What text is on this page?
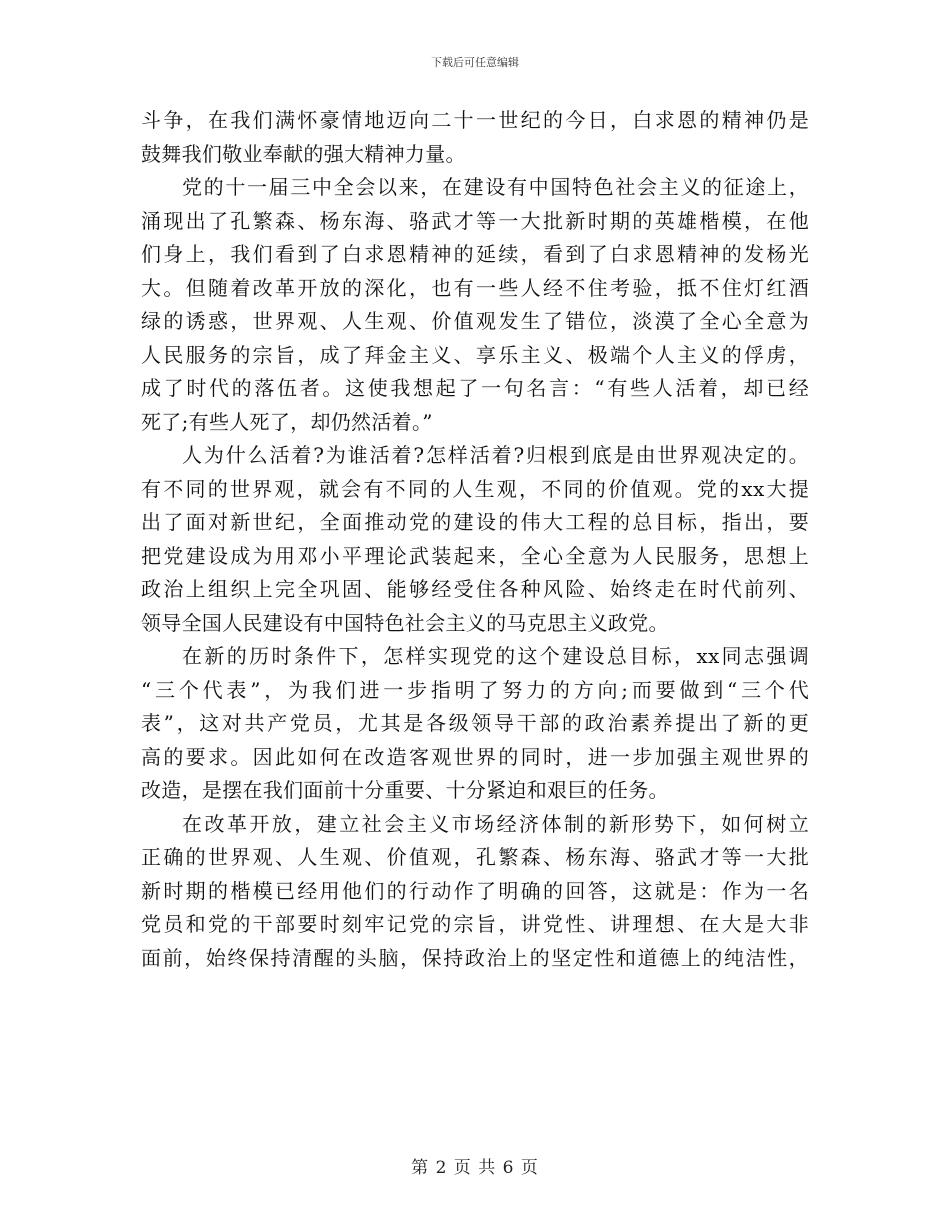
下载后可任意编辑
斗争，在我们满怀豪情地迈向二十一世纪的今日，白求恩的精神仍是
鼓舞我们敬业奉献的强大精神力量。
党的十一届三中全会以来，在建设有中国特色社会主义的征途上，
涌现出了孔繁森、杨东海、骆武才等一大批新时期的英雄楷模，在他
们身上，我们看到了白求恩精神的延续，看到了白求恩精神的发杨光
大。但随着改革开放的深化，也有一些人经不住考验，抵不住灯红酒
绿的诱惑，世界观、人生观、价值观发生了错位，淡漠了全心全意为
人民服务的宗旨，成了拜金主义、享乐主义、极端个人主义的俘虏，
成了时代的落伍者。这使我想起了一句名言：“有些人活着，却已经
死了;有些人死了，却仍然活着。”
人为什么活着?为谁活着?怎样活着?归根到底是由世界观决定的。
有不同的世界观，就会有不同的人生观，不同的价值观。党的xx大提
出了面对新世纪，全面推动党的建设的伟大工程的总目标，指出，要
把党建设成为用邓小平理论武装起来，全心全意为人民服务，思想上
政治上组织上完全巩固、能够经受住各种风险、始终走在时代前列、
领导全国人民建设有中国特色社会主义的马克思主义政党。
在新的历时条件下，怎样实现党的这个建设总目标，xx同志强调
“三个代表”，为我们进一步指明了努力的方向;而要做到“三个代
表”，这对共产党员，尤其是各级领导干部的政治素养提出了新的更
高的要求。因此如何在改造客观世界的同时，进一步加强主观世界的
改造，是摆在我们面前十分重要、十分紧迫和艰巨的任务。
在改革开放，建立社会主义市场经济体制的新形势下，如何树立
正确的世界观、人生观、价值观，孔繁森、杨东海、骆武才等一大批
新时期的楷模已经用他们的行动作了明确的回答，这就是：作为一名
党员和党的干部要时刻牢记党的宗旨，讲党性、讲理想、在大是大非
面前，始终保持清醒的头脑，保持政治上的坚定性和道德上的纯洁性，
第 2 页 共 6 页
